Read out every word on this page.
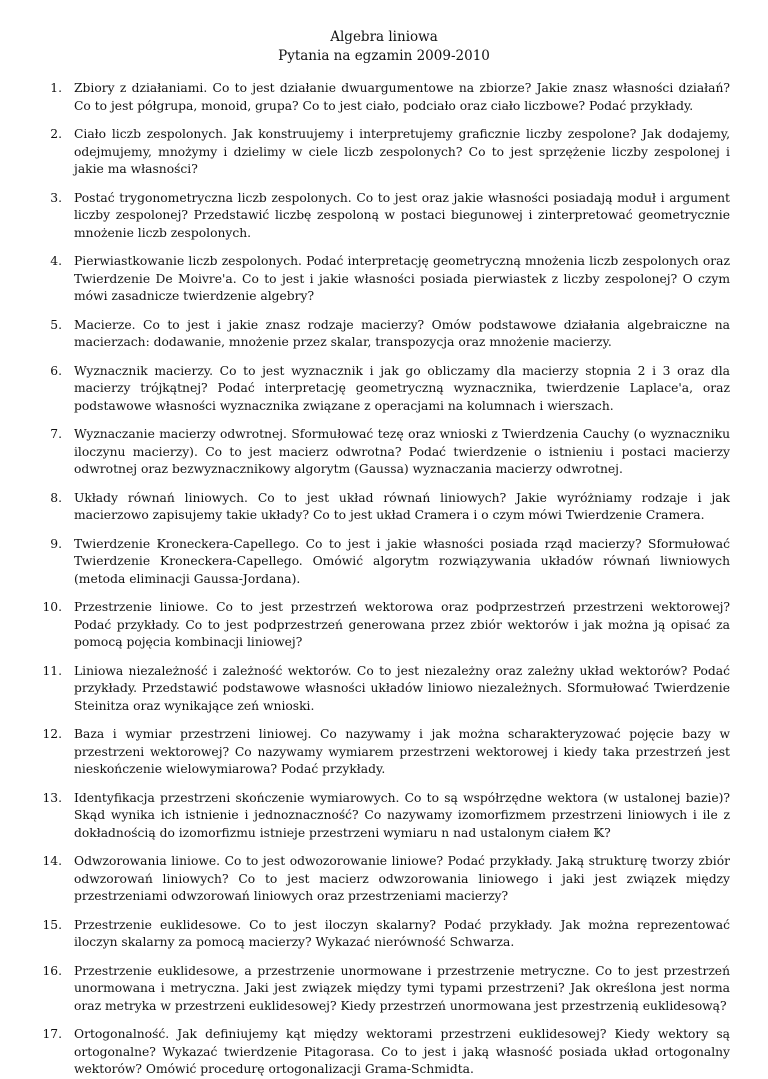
Algebra liniowa
Pytania na egzamin 2009-2010
1. Zbiory z działaniami. Co to jest działanie dwuargumentowe na zbiorze? Jakie znasz własności działań? Co to jest półgrupa, monoid, grupa? Co to jest ciało, podciało oraz ciało liczbowe? Podać przykłady.
2. Ciało liczb zespolonych. Jak konstruujemy i interpretujemy graficznie liczby zespolone? Jak dodajemy, odejmujemy, mnożymy i dzielimy w ciele liczb zespolonych? Co to jest sprzężenie liczby zespolonej i jakie ma własności?
3. Postać trygonometryczna liczb zespolonych. Co to jest oraz jakie własności posiadają moduł i argument liczby zespolonej? Przedstawić liczbę zespoloną w postaci biegunowej i zinterpretować geometrycznie mnożenie liczb zespolonych.
4. Pierwiastkowanie liczb zespolonych. Podać interpretację geometryczną mnożenia liczb zespolonych oraz Twierdzenie De Moivre'a. Co to jest i jakie własności posiada pierwiastek z liczby zespolonej? O czym mówi zasadnicze twierdzenie algebry?
5. Macierze. Co to jest i jakie znasz rodzaje macierzy? Omów podstawowe działania algebraiczne na macierzach: dodawanie, mnożenie przez skalar, transpozycja oraz mnożenie macierzy.
6. Wyznacznik macierzy. Co to jest wyznacznik i jak go obliczamy dla macierzy stopnia 2 i 3 oraz dla macierzy trójkątnej? Podać interpretację geometryczną wyznacznika, twierdzenie Laplace'a, oraz podstawowe własności wyznacznika związane z operacjami na kolumnach i wierszach.
7. Wyznaczanie macierzy odwrotnej. Sformułować tezę oraz wnioski z Twierdzenia Cauchy (o wyznaczniku iloczynu macierzy). Co to jest macierz odwrotna? Podać twierdzenie o istnieniu i postaci macierzy odwrotnej oraz bezwyznacznikowy algorytm (Gaussa) wyznaczania macierzy odwrotnej.
8. Układy równań liniowych. Co to jest układ równań liniowych? Jakie wyróżniamy rodzaje i jak macierzowo zapisujemy takie układy? Co to jest układ Cramera i o czym mówi Twierdzenie Cramera.
9. Twierdzenie Kroneckera-Capellego. Co to jest i jakie własności posiada rząd macierzy? Sformułować Twierdzenie Kroneckera-Capellego. Omówić algorytm rozwiązywania układów równań liwniowych (metoda eliminacji Gaussa-Jordana).
10. Przestrzenie liniowe. Co to jest przestrzeń wektorowa oraz podprzestrzeń przestrzeni wektorowej? Podać przykłady. Co to jest podprzestrzeń generowana przez zbiór wektorów i jak można ją opisać za pomocą pojęcia kombinacji liniowej?
11. Liniowa niezależność i zależność wektorów. Co to jest niezależny oraz zależny układ wektorów? Podać przykłady. Przedstawić podstawowe własności układów liniowo niezależnych. Sformułować Twierdzenie Steinitza oraz wynikające zeń wnioski.
12. Baza i wymiar przestrzeni liniowej. Co nazywamy i jak można scharakteryzować pojęcie bazy w przestrzeni wektorowej? Co nazywamy wymiarem przestrzeni wektorowej i kiedy taka przestrzeń jest nieskończenie wielowymiarowa? Podać przykłady.
13. Identyfikacja przestrzeni skończenie wymiarowych. Co to są współrzędne wektora (w ustalonej bazie)? Skąd wynika ich istnienie i jednoznaczność? Co nazywamy izomorfizmem przestrzeni liniowych i ile z dokładnością do izomorfizmu istnieje przestrzeni wymiaru n nad ustalonym ciałem 𝕂?
14. Odwzorowania liniowe. Co to jest odwozorowanie liniowe? Podać przykłady. Jaką strukturę tworzy zbiór odwzorowań liniowych? Co to jest macierz odwzorowania liniowego i jaki jest związek między przestrzeniami odwzorowań liniowych oraz przestrzeniami macierzy?
15. Przestrzenie euklidesowe. Co to jest iloczyn skalarny? Podać przykłady. Jak można reprezentować iloczyn skalarny za pomocą macierzy? Wykazać nierówność Schwarza.
16. Przestrzenie euklidesowe, a przestrzenie unormowane i przestrzenie metryczne. Co to jest przestrzeń unormowana i metryczna. Jaki jest związek między tymi typami przestrzeni? Jak określona jest norma oraz metryka w przestrzeni euklidesowej? Kiedy przestrzeń unormowana jest przestrzenią euklidesową?
17. Ortogonalność. Jak definiujemy kąt między wektorami przestrzeni euklidesowej? Kiedy wektory są ortogonalne? Wykazać twierdzenie Pitagorasa. Co to jest i jaką własność posiada układ ortogonalny wektorów? Omówić procedurę ortogonalizacji Grama-Schmidta.
